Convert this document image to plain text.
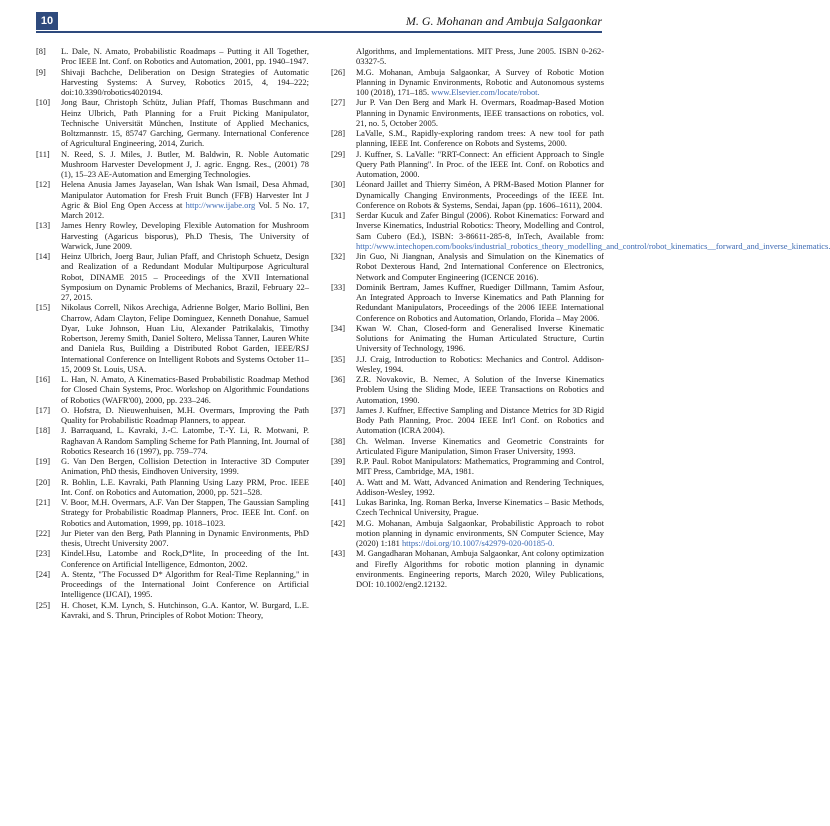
10	M. G. Mohanan and Ambuja Salgaonkar

[8] L. Dale, N. Amato, Probabilistic Roadmaps – Putting it All Together, Proc IEEE Int. Conf. on Robotics and Automation, 2001, pp. 1940–1947.

[9] Shivaji Bachche, Deliberation on Design Strategies of Automatic Harvesting Systems: A Survey, Robotics 2015, 4, 194–222; doi:10.3390/robotics4020194.

[10] Jong Baur, Christoph Schütz, Julian Pfaff, Thomas Buschmann and Heinz Ulbrich, Path Planning for a Fruit Picking Manipulator, Technische Universität München, Institute of Applied Mechanics, Boltzmannstr. 15, 85747 Garching, Germany. International Conference of Agricultural Engineering, 2014, Zurich.

[11] N. Reed, S. J. Miles, J. Butler, M. Baldwin, R. Noble Automatic Mushroom Harvester Development J, J. agric. Engng. Res., (2001) 78 (1), 15–23 AE-Automation and Emerging Technologies.

[12] Helena Anusia James Jayaselan, Wan Ishak Wan Ismail, Desa Ahmad, Manipulator Automation for Fresh Fruit Bunch (FFB) Harvester Int J Agric & Biol Eng Open Access at http://www.ijabe.org Vol. 5 No. 17, March 2012.

[13] James Henry Rowley, Developing Flexible Automation for Mushroom Harvesting (Agaricus bisporus), Ph.D Thesis, The University of Warwick, June 2009.

[14] Heinz Ulbrich, Joerg Baur, Julian Pfaff, and Christoph Schuetz, Design and Realization of a Redundant Modular Multipurpose Agricultural Robot, DINAME 2015 – Proceedings of the XVII International Symposium on Dynamic Problems of Mechanics, Brazil, February 22–27, 2015.

[15] Nikolaus Correll, Nikos Arechiga, Adrienne Bolger, Mario Bollini, Ben Charrow, Adam Clayton, Felipe Dominguez, Kenneth Donahue, Samuel Dyar, Luke Johnson, Huan Liu, Alexander Patrikalakis, Timothy Robertson, Jeremy Smith, Daniel Soltero, Melissa Tanner, Lauren White and Daniela Rus, Building a Distributed Robot Garden, IEEE/RSJ International Conference on Intelligent Robots and Systems October 11–15, 2009 St. Louis, USA.

[16] L. Han, N. Amato, A Kinematics-Based Probabilistic Roadmap Method for Closed Chain Systems, Proc. Workshop on Algorithmic Foundations of Robotics (WAFR'00), 2000, pp. 233–246.

[17] O. Hofstra, D. Nieuwenhuisen, M.H. Overmars, Improving the Path Quality for Probabilistic Roadmap Planners, to appear.

[18] J. Barraquand, L. Kavraki, J.-C. Latombe, T.-Y. Li, R. Motwani, P. Raghavan A Random Sampling Scheme for Path Planning, Int. Journal of Robotics Research 16 (1997), pp. 759–774.

[19] G. Van Den Bergen, Collision Detection in Interactive 3D Computer Animation, PhD thesis, Eindhoven University, 1999.

[20] R. Bohlin, L.E. Kavraki, Path Planning Using Lazy PRM, Proc. IEEE Int. Conf. on Robotics and Automation, 2000, pp. 521–528.

[21] V. Boor, M.H. Overmars, A.F. Van Der Stappen, The Gaussian Sampling Strategy for Probabilistic Roadmap Planners, Proc. IEEE Int. Conf. on Robotics and Automation, 1999, pp. 1018–1023.

[22] Jur Pieter van den Berg, Path Planning in Dynamic Environments, PhD thesis, Utrecht University 2007.

[23] Kindel.Hsu, Latombe and Rock,D*lite, In proceeding of the Int. Conference on Artificial Intelligence, Edmonton, 2002.

[24] A. Stentz, "The Focussed D* Algorithm for Real-Time Replanning," in Proceedings of the International Joint Conference on Artificial Intelligence (IJCAI), 1995.

[25] H. Choset, K.M. Lynch, S. Hutchinson, G.A. Kantor, W. Burgard, L.E. Kavraki, and S. Thrun, Principles of Robot Motion: Theory,

Algorithms, and Implementations. MIT Press, June 2005. ISBN 0-262-03327-5.

[26] M.G. Mohanan, Ambuja Salgaonkar, A Survey of Robotic Motion Planning in Dynamic Environments, Robotic and Autonomous systems 100 (2018), 171–185. www.Elsevier.com/locate/robot.

[27] Jur P. Van Den Berg and Mark H. Overmars, Roadmap-Based Motion Planning in Dynamic Environments, IEEE transactions on robotics, vol. 21, no. 5, October 2005.

[28] LaValle, S.M., Rapidly-exploring random trees: A new tool for path planning, IEEE Int. Conference on Robots and Systems, 2000.

[29] J. Kuffner, S. LaValle: "RRT-Connect: An efficient Approach to Single Query Path Planning". In Proc. of the IEEE Int. Conf. on Robotics and Automation, 2000.

[30] Léonard Jaillet and Thierry Siméon, A PRM-Based Motion Planner for Dynamically Changing Environments, Proceedings of the IEEE Int. Conference on Robots & Systems, Sendai, Japan (pp. 1606–1611), 2004.

[31] Serdar Kucuk and Zafer Bingul (2006). Robot Kinematics: Forward and Inverse Kinematics, Industrial Robotics: Theory, Modelling and Control, Sam Cubero (Ed.), ISBN: 3-86611-285-8, InTech, Available from: http://www.intechopen.com/books/industrial_robotics_theory_modelling_and_control/robot_kinematics__forward_and_inverse_kinematics.

[32] Jin Guo, Ni Jiangnan, Analysis and Simulation on the Kinematics of Robot Dexterous Hand, 2nd International Conference on Electronics, Network and Computer Engineering (ICENCE 2016).

[33] Dominik Bertram, James Kuffner, Ruediger Dillmann, Tamim Asfour, An Integrated Approach to Inverse Kinematics and Path Planning for Redundant Manipulators, Proceedings of the 2006 IEEE International Conference on Robotics and Automation, Orlando, Florida – May 2006.

[34] Kwan W. Chan, Closed-form and Generalised Inverse Kinematic Solutions for Animating the Human Articulated Structure, Curtin University of Technology, 1996.

[35] J.J. Craig, Introduction to Robotics: Mechanics and Control. Addison-Wesley, 1994.

[36] Z.R. Novakovic, B. Nemec, A Solution of the Inverse Kinematics Problem Using the Sliding Mode, IEEE Transactions on Robotics and Automation, 1990.

[37] James J. Kuffner, Effective Sampling and Distance Metrics for 3D Rigid Body Path Planning, Proc. 2004 IEEE Int'l Conf. on Robotics and Automation (ICRA 2004).

[38] Ch. Welman. Inverse Kinematics and Geometric Constraints for Articulated Figure Manipulation, Simon Fraser University, 1993.

[39] R.P. Paul. Robot Manipulators: Mathematics, Programming and Control, MIT Press, Cambridge, MA, 1981.

[40] A. Watt and M. Watt, Advanced Animation and Rendering Techniques, Addison-Wesley, 1992.

[41] Lukas Barinka, Ing. Roman Berka, Inverse Kinematics – Basic Methods, Czech Technical University, Prague.

[42] M.G. Mohanan, Ambuja Salgaonkar, Probabilistic Approach to robot motion planning in dynamic environments, SN Computer Science, May (2020) 1:181 https://doi.org/10.1007/s42979-020-00185-0.

[43] M. Gangadharan Mohanan, Ambuja Salgaonkar, Ant colony optimization and Firefly Algorithms for robotic motion planning in dynamic environments. Engineering reports, March 2020, Wiley Publications, DOI: 10.1002/eng2.12132.
